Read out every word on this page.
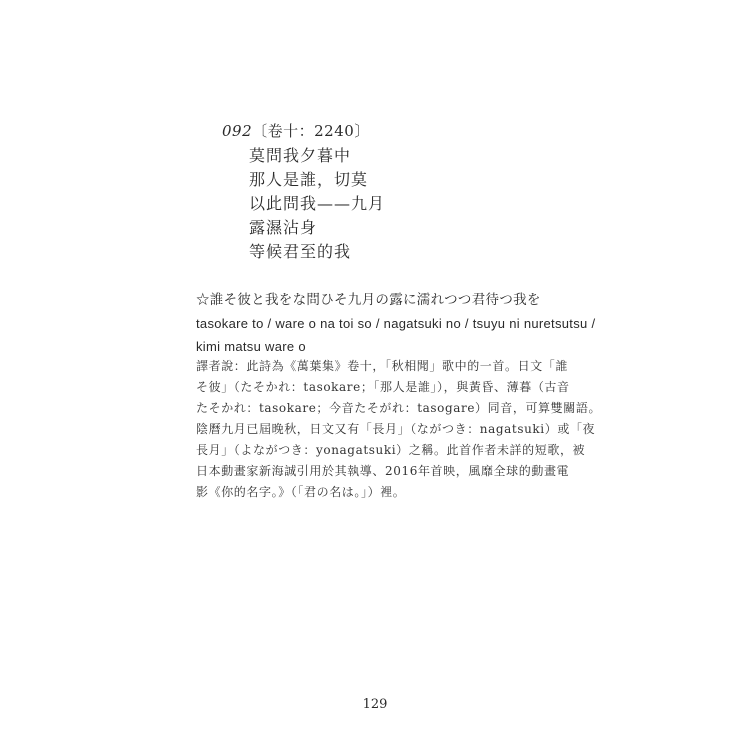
092〔卷十：2240〕
莫問我夕暮中
那人是誰，切莫
以此問我——九月
露濕沾身
等候君至的我
☆誰そ彼と我をな問ひそ九月の露に濡れつつ君待つ我を
tasokare to / ware o na toi so / nagatsuki no / tsuyu ni nuretsutsu /
kimi matsu ware o
譯者說：此詩為《萬葉集》卷十，「秋相聞」歌中的一首。日文「誰
そ彼」（たそかれ：tasokare；「那人是誰」），與黃昏、薄暮（古音
たそかれ：tasokare；今音たそがれ：tasogare）同音，可算雙關語。
陰曆九月已屆晚秋，日文又有「長月」（ながつき：nagatsuki）或「夜
長月」（よながつき：yonagatsuki）之稱。此首作者未詳的短歌，被
日本動畫家新海誠引用於其執導、2016年首映，風靡全球的動畫電
影《你的名字。》（「君の名は。」）裡。
129
